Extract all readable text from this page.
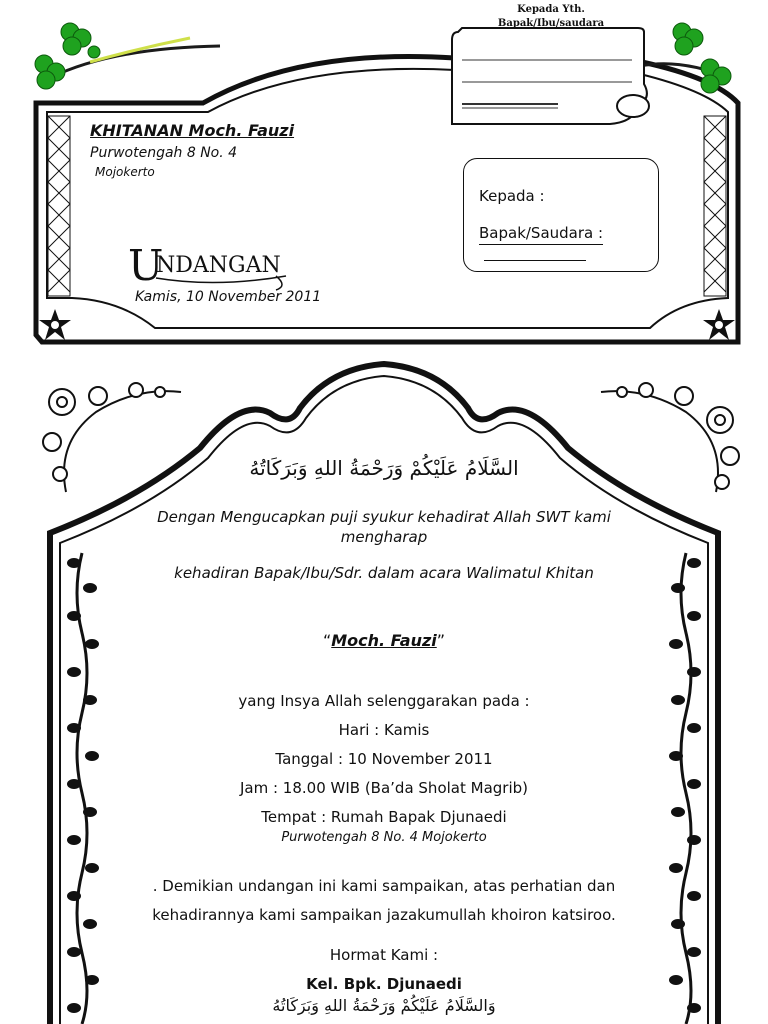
Kepada Yth.
Bapak/Ibu/saudara
KHITANAN Moch. Fauzi
Purwotengah 8 No. 4
Mojokerto
U
NDANGAN
Kamis, 10 November 2011
Kepada :
Bapak/Saudara :
السَّلَامُ عَلَيْكُمْ وَرَحْمَةُ اللهِ وَبَرَكَاتُهُ
Dengan Mengucapkan puji syukur kehadirat Allah SWT kami mengharap
kehadiran Bapak/Ibu/Sdr. dalam acara Walimatul Khitan
“Moch. Fauzi”
yang Insya Allah selenggarakan pada :
Hari : Kamis
Tanggal : 10 November 2011
Jam : 18.00 WIB (Ba’da Sholat Magrib)
Tempat : Rumah Bapak Djunaedi
Purwotengah 8 No. 4 Mojokerto
. Demikian undangan ini kami sampaikan, atas perhatian dan
kehadirannya kami sampaikan jazakumullah khoiron katsiroo.
Hormat Kami :
Kel. Bpk. Djunaedi
وَالسَّلَامُ عَلَيْكُمْ وَرَحْمَةُ اللهِ وَبَرَكَاتُهُ
